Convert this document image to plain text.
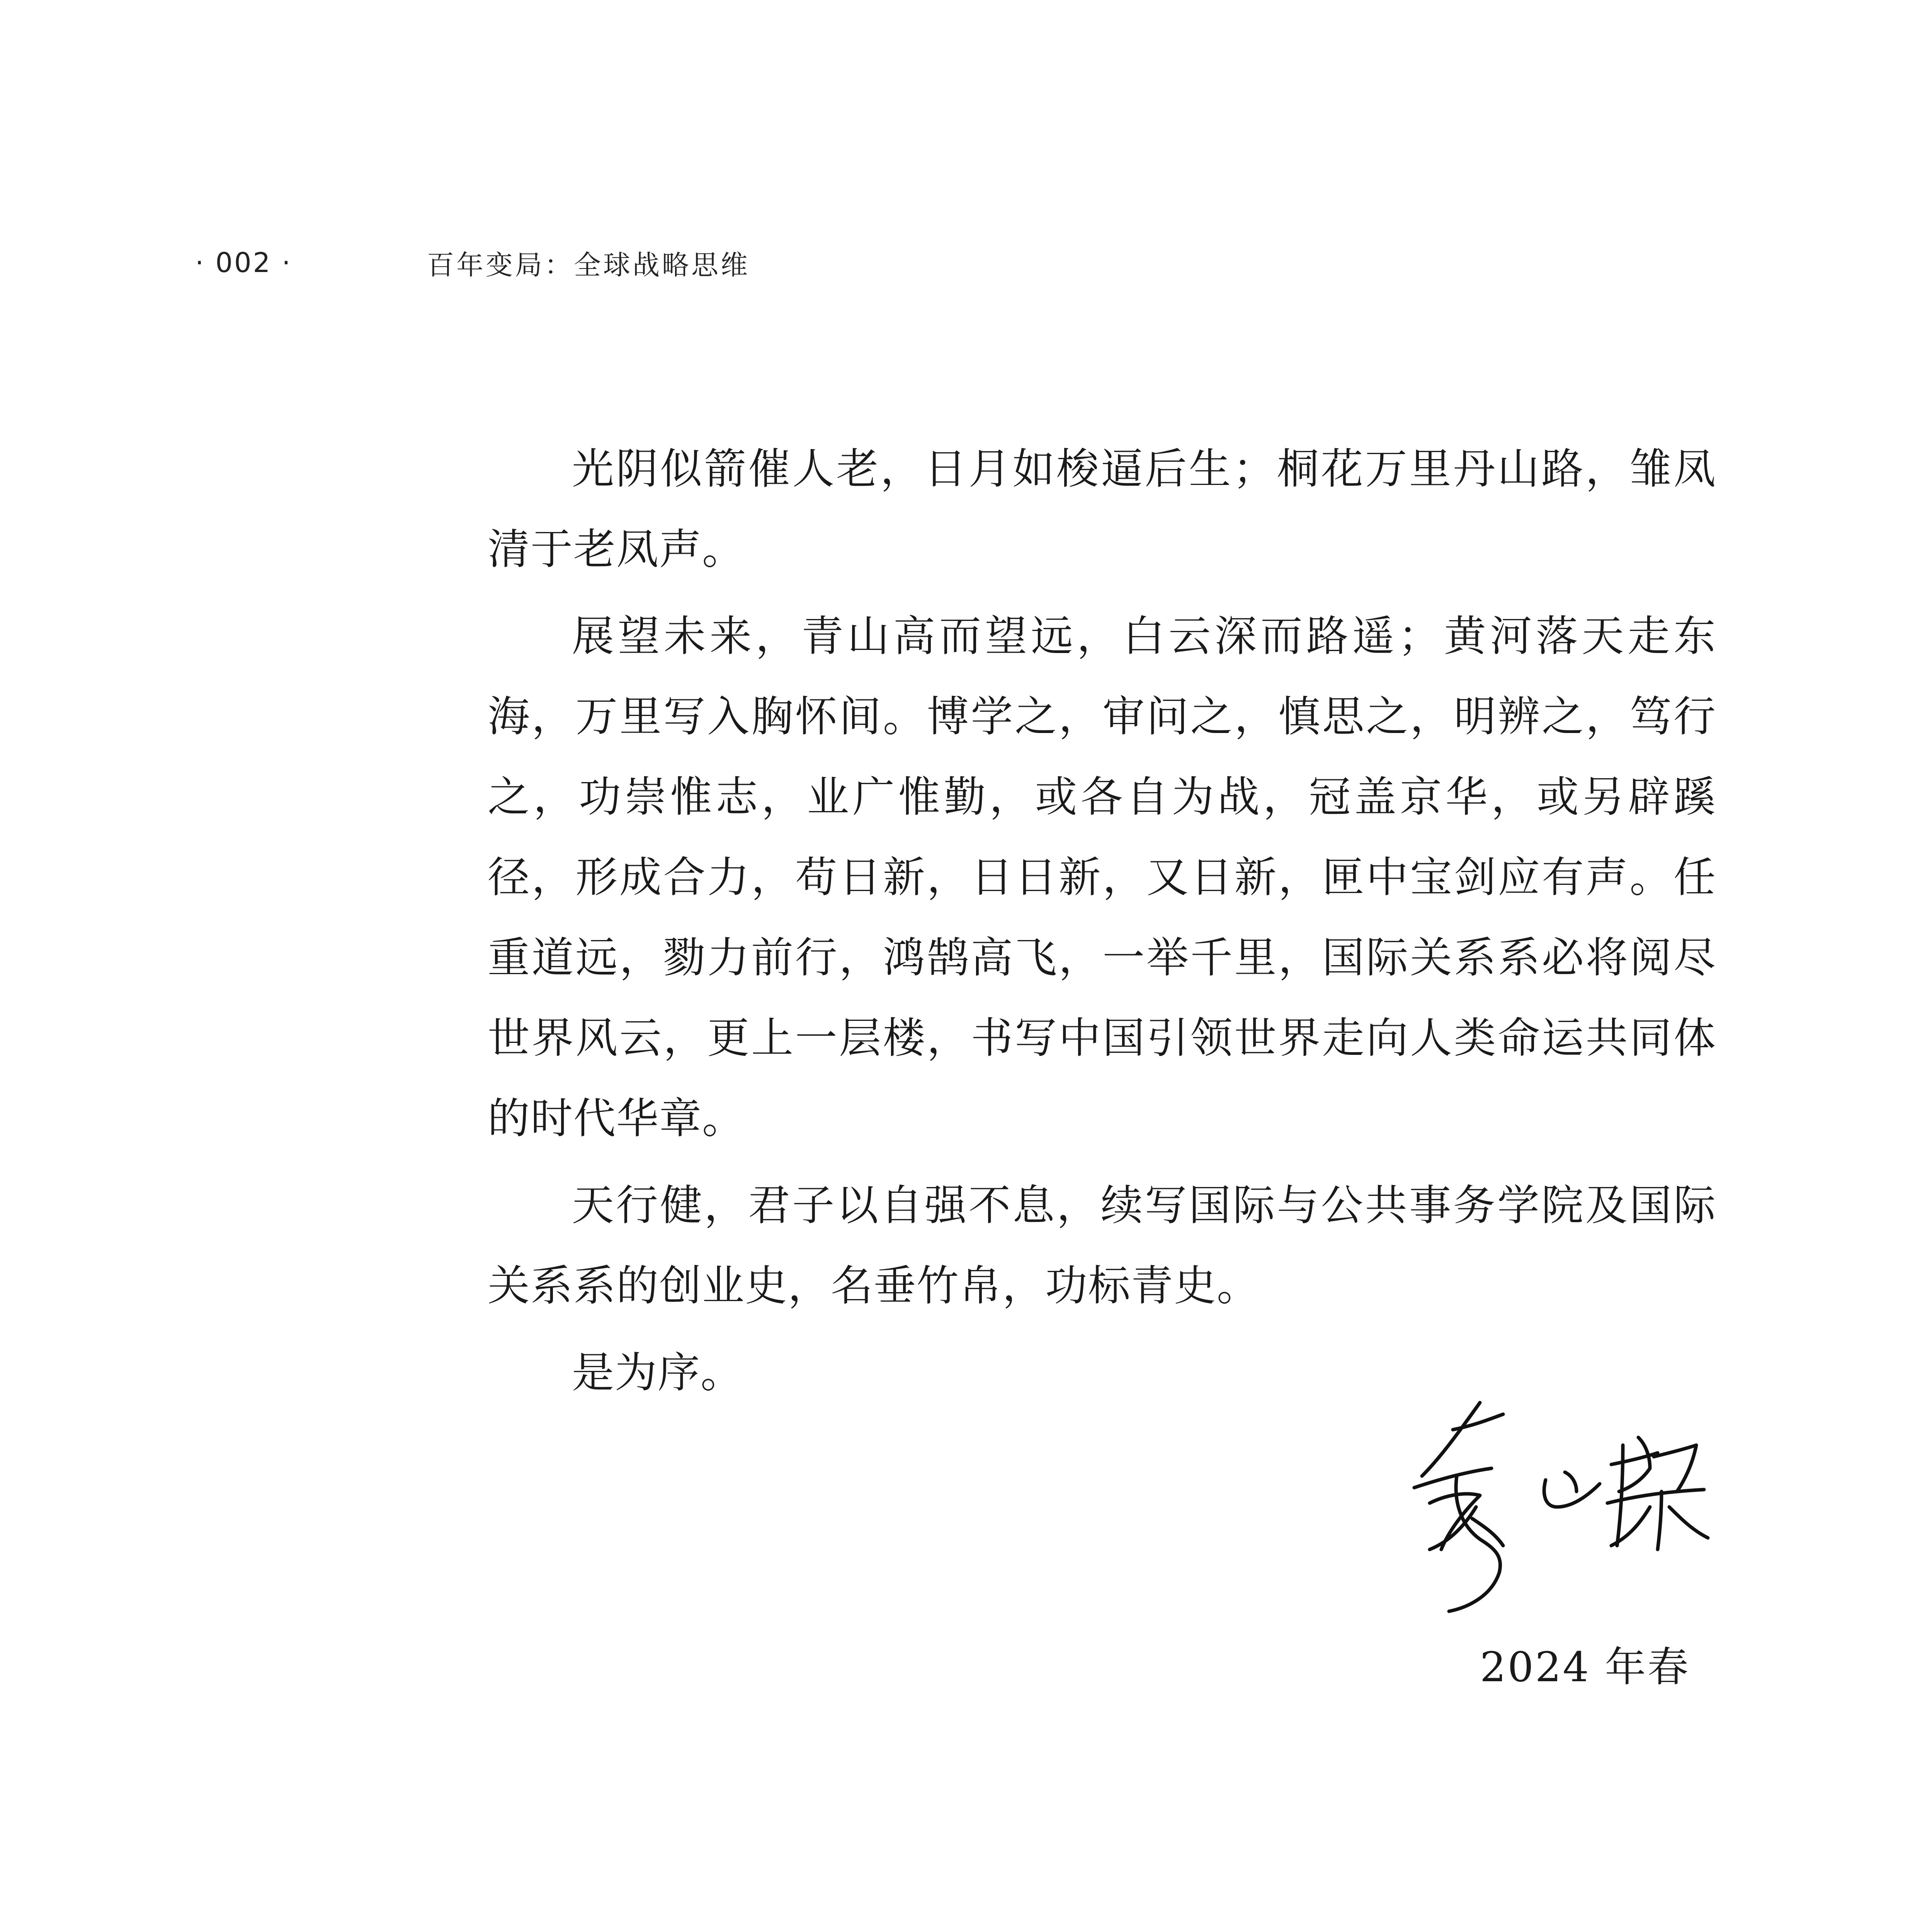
· 002 ·	百年变局：全球战略思维

光阴似箭催人老，日月如梭逼后生；桐花万里丹山路，雏凤清于老凤声。

展望未来，青山高而望远，白云深而路遥；黄河落天走东海，万里写入胸怀间。博学之，审问之，慎思之，明辨之，笃行之，功崇惟志，业广惟勤，或各自为战，冠盖京华，或另辟蹊径，形成合力，苟日新，日日新，又日新，匣中宝剑应有声。任重道远，勠力前行，鸿鹄高飞，一举千里，国际关系系必将阅尽世界风云，更上一层楼，书写中国引领世界走向人类命运共同体的时代华章。

天行健，君子以自强不息，续写国际与公共事务学院及国际关系系的创业史，名垂竹帛，功标青史。

是为序。

2024 年春
